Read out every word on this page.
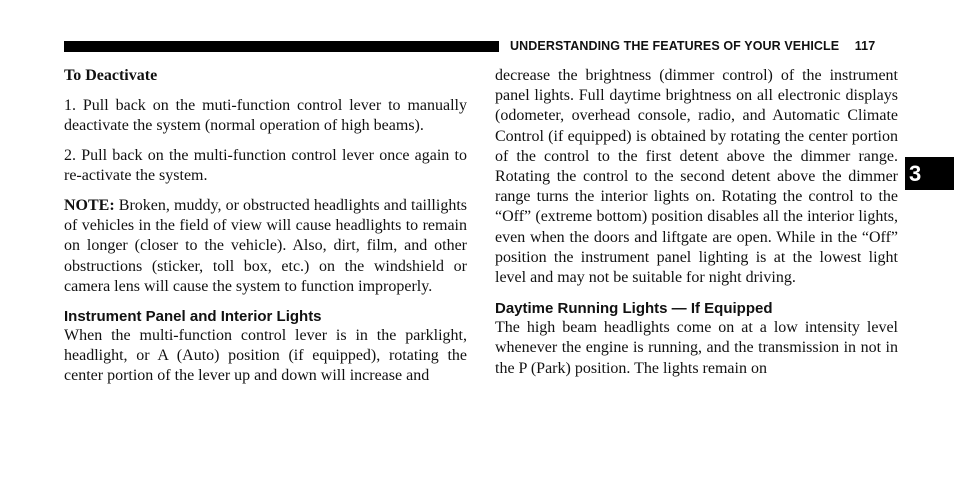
UNDERSTANDING THE FEATURES OF YOUR VEHICLE 117
3

To Deactivate

1. Pull back on the muti-function control lever to manually deactivate the system (normal operation of high beams).

2. Pull back on the multi-function control lever once again to re-activate the system.

NOTE: Broken, muddy, or obstructed headlights and taillights of vehicles in the field of view will cause headlights to remain on longer (closer to the vehicle). Also, dirt, film, and other obstructions (sticker, toll box, etc.) on the windshield or camera lens will cause the system to function improperly.

Instrument Panel and Interior Lights

When the multi-function control lever is in the parklight, headlight, or A (Auto) position (if equipped), rotating the center portion of the lever up and down will increase and

decrease the brightness (dimmer control) of the instrument panel lights. Full daytime brightness on all electronic displays (odometer, overhead console, radio, and Automatic Climate Control (if equipped) is obtained by rotating the center portion of the control to the first detent above the dimmer range. Rotating the control to the second detent above the dimmer range turns the interior lights on. Rotating the control to the “Off” (extreme bottom) position disables all the interior lights, even when the doors and liftgate are open. While in the “Off” position the instrument panel lighting is at the lowest light level and may not be suitable for night driving.

Daytime Running Lights — If Equipped

The high beam headlights come on at a low intensity level whenever the engine is running, and the transmission in not in the P (Park) position. The lights remain on
